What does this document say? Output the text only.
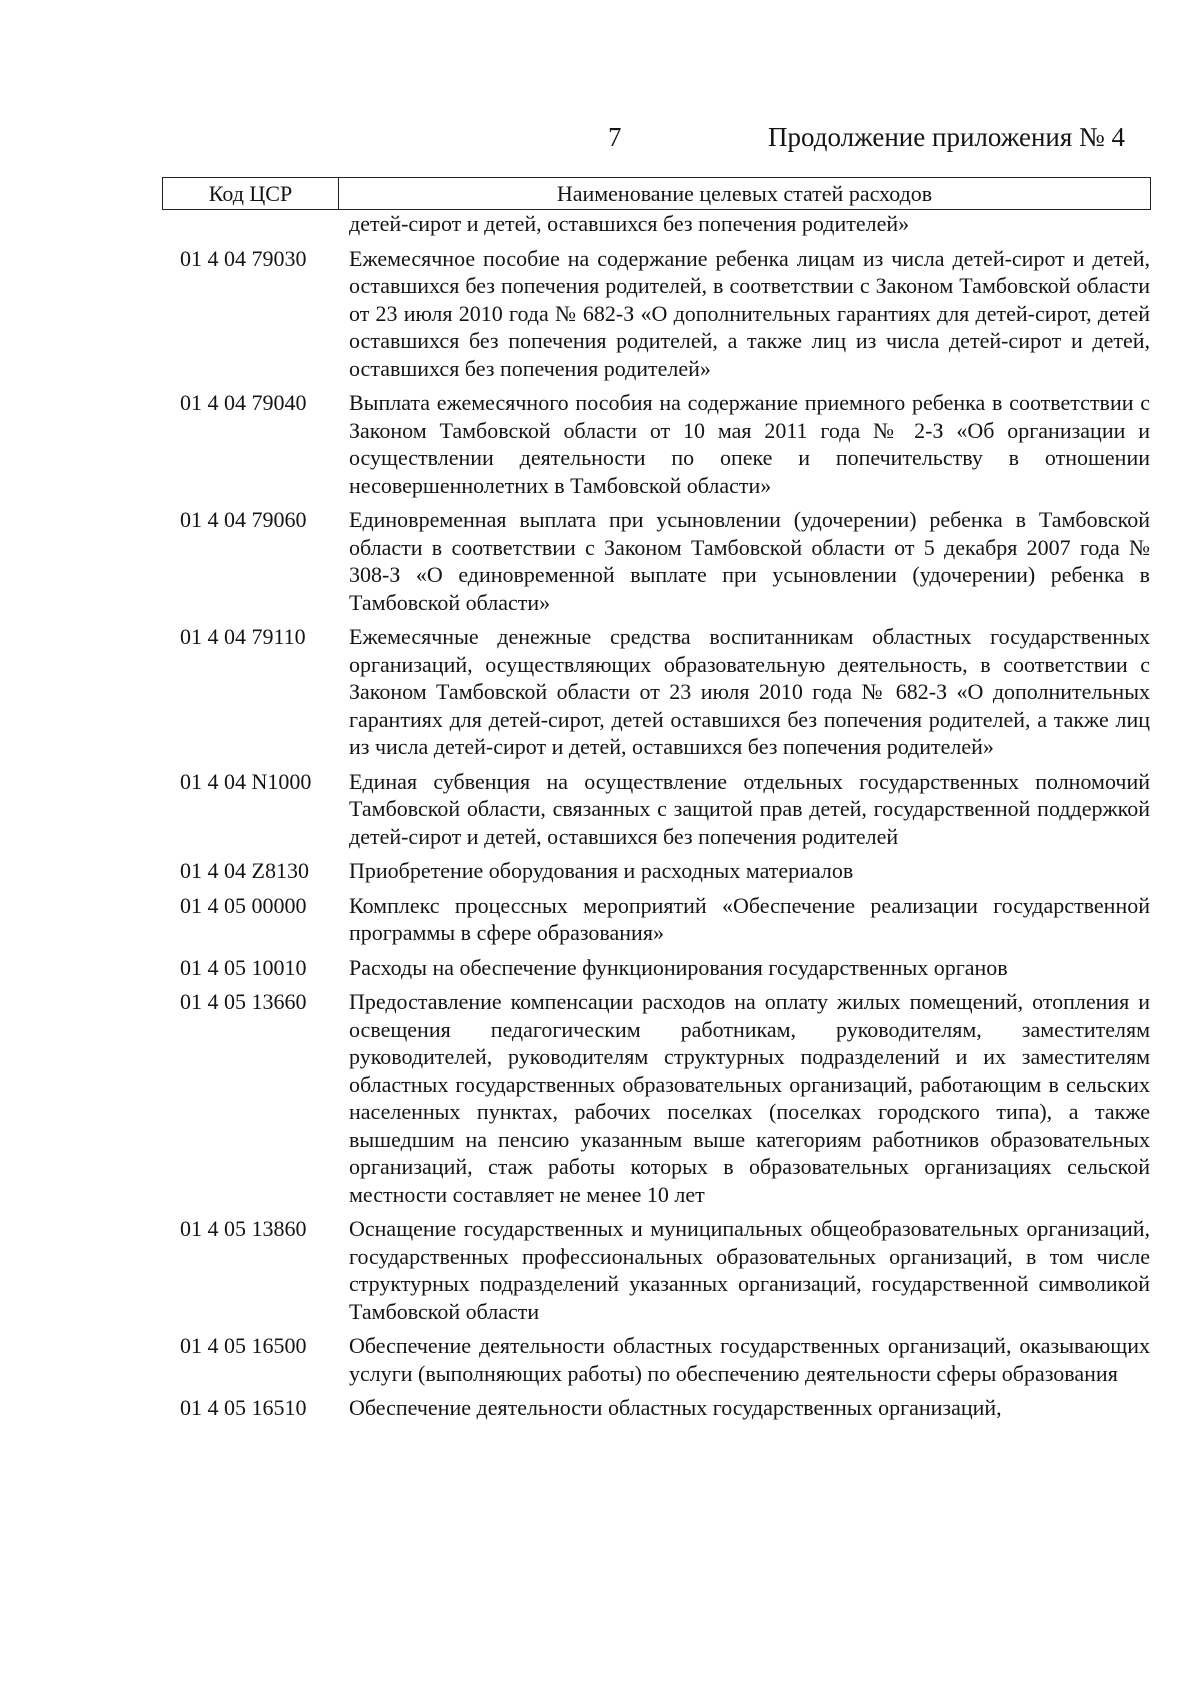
7	Продолжение приложения № 4
Код ЦСР	Наименование целевых статей расходов
детей-сирот и детей, оставшихся без попечения родителей»
01 4 04 79030	Ежемесячное пособие на содержание ребенка лицам из числа детей-сирот и детей, оставшихся без попечения родителей, в соответствии с Законом Тамбовской области от 23 июля 2010 года № 682-З «О дополнительных гарантиях для детей-сирот, детей оставшихся без попечения родителей, а также лиц из числа детей-сирот и детей, оставшихся без попечения родителей»
01 4 04 79040	Выплата ежемесячного пособия на содержание приемного ребенка в соответствии с Законом Тамбовской области от 10 мая 2011 года № 2-З «Об организации и осуществлении деятельности по опеке и попечительству в отношении несовершеннолетних в Тамбовской области»
01 4 04 79060	Единовременная выплата при усыновлении (удочерении) ребенка в Тамбовской области в соответствии с Законом Тамбовской области от 5 декабря 2007 года № 308-З «О единовременной выплате при усыновлении (удочерении) ребенка в Тамбовской области»
01 4 04 79110	Ежемесячные денежные средства воспитанникам областных государственных организаций, осуществляющих образовательную деятельность, в соответствии с Законом Тамбовской области от 23 июля 2010 года № 682-З «О дополнительных гарантиях для детей-сирот, детей оставшихся без попечения родителей, а также лиц из числа детей-сирот и детей, оставшихся без попечения родителей»
01 4 04 N1000	Единая субвенция на осуществление отдельных государственных полномочий Тамбовской области, связанных с защитой прав детей, государственной поддержкой детей-сирот и детей, оставшихся без попечения родителей
01 4 04 Z8130	Приобретение оборудования и расходных материалов
01 4 05 00000	Комплекс процессных мероприятий «Обеспечение реализации государственной программы в сфере образования»
01 4 05 10010	Расходы на обеспечение функционирования государственных органов
01 4 05 13660	Предоставление компенсации расходов на оплату жилых помещений, отопления и освещения педагогическим работникам, руководителям, заместителям руководителей, руководителям структурных подразделений и их заместителям областных государственных образовательных организаций, работающим в сельских населенных пунктах, рабочих поселках (поселках городского типа), а также вышедшим на пенсию указанным выше категориям работников образовательных организаций, стаж работы которых в образовательных организациях сельской местности составляет не менее 10 лет
01 4 05 13860	Оснащение государственных и муниципальных общеобразовательных организаций, государственных профессиональных образовательных организаций, в том числе структурных подразделений указанных организаций, государственной символикой Тамбовской области
01 4 05 16500	Обеспечение деятельности областных государственных организаций, оказывающих услуги (выполняющих работы) по обеспечению деятельности сферы образования
01 4 05 16510	Обеспечение деятельности областных государственных организаций,
